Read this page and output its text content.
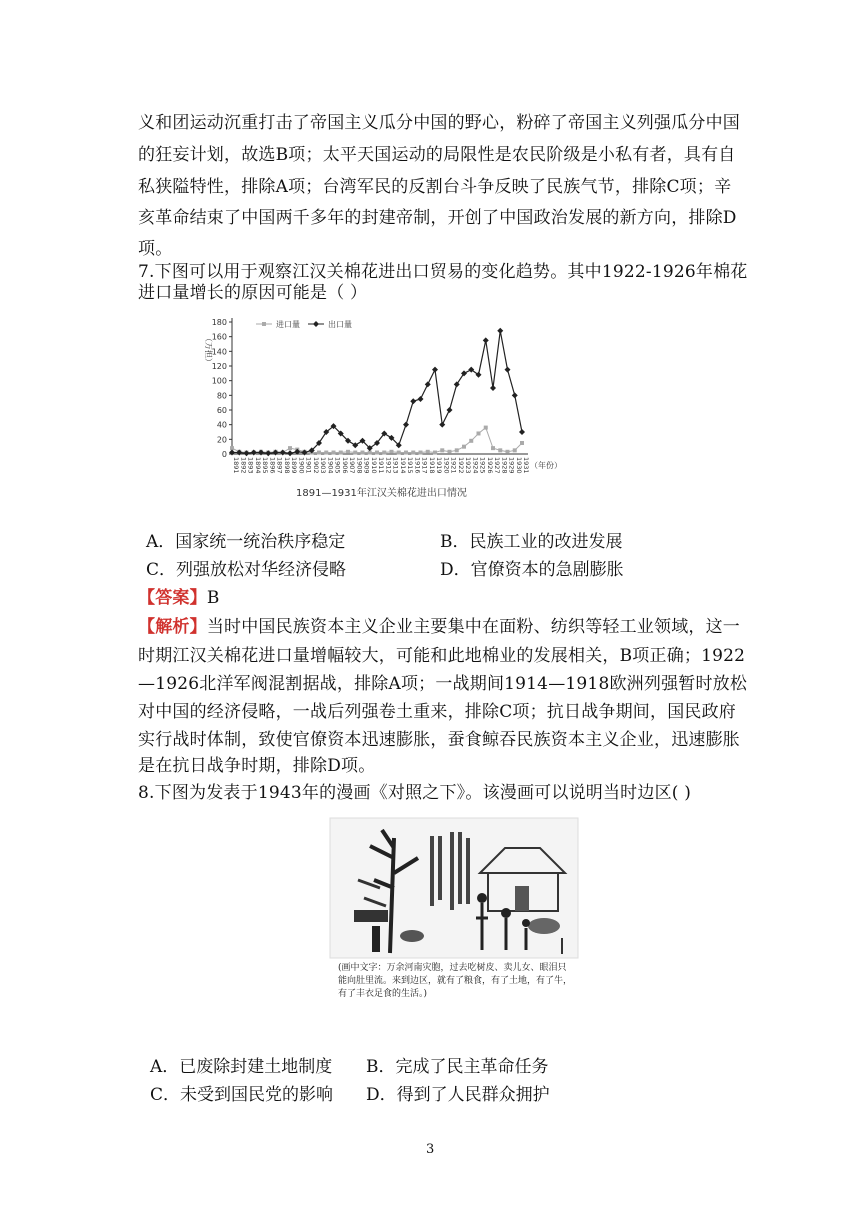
义和团运动沉重打击了帝国主义瓜分中国的野心，粉碎了帝国主义列强瓜分中国
的狂妄计划，故选B项；太平天国运动的局限性是农民阶级是小私有者，具有自
私狭隘特性，排除A项；台湾军民的反割台斗争反映了民族气节，排除C项；辛
亥革命结束了中国两千多年的封建帝制，开创了中国政治发展的新方向，排除D
项。
7.下图可以用于观察江汉关棉花进出口贸易的变化趋势。其中1922-1926年棉花
进口量增长的原因可能是（ ）
0
20
40
60
80
100
120
140
160
180
（万担）
1891 1892 1893 1894 1895 1896 1897 1898 1899 1900 1901 1902 1903 1904 1905 1906 1907 1908 1909 1910 1911 1912 1913 1914 1915 1916 1917 1918 1919 1920 1921 1922 1923 1924 1925 1926 1927 1928 1929 1930 1931 （年份）
进口量	出口量
1891—1931年江汉关棉花进出口情况
A．国家统一统治秩序稳定	B．民族工业的改进发展
C．列强放松对华经济侵略	D．官僚资本的急剧膨胀
【答案】B
【解析】当时中国民族资本主义企业主要集中在面粉、纺织等轻工业领域，这一
时期江汉关棉花进口量增幅较大，可能和此地棉业的发展相关，B项正确；1922
—1926北洋军阀混割据战，排除A项；一战期间1914—1918欧洲列强暂时放松
对中国的经济侵略，一战后列强卷土重来，排除C项；抗日战争期间，国民政府
实行战时体制，致使官僚资本迅速膨胀，蚕食鲸吞民族资本主义企业，迅速膨胀
是在抗日战争时期，排除D项。
8.下图为发表于1943年的漫画《对照之下》。该漫画可以说明当时边区( )
(画中文字：万余河南灾胞，过去吃树皮、卖儿女、眼泪只
能向肚里流。来到边区，就有了粮食，有了土地，有了牛，
有了丰衣足食的生活。)
A．已废除封建土地制度 B．完成了民主革命任务
C．未受到国民党的影响 D．得到了人民群众拥护
3
